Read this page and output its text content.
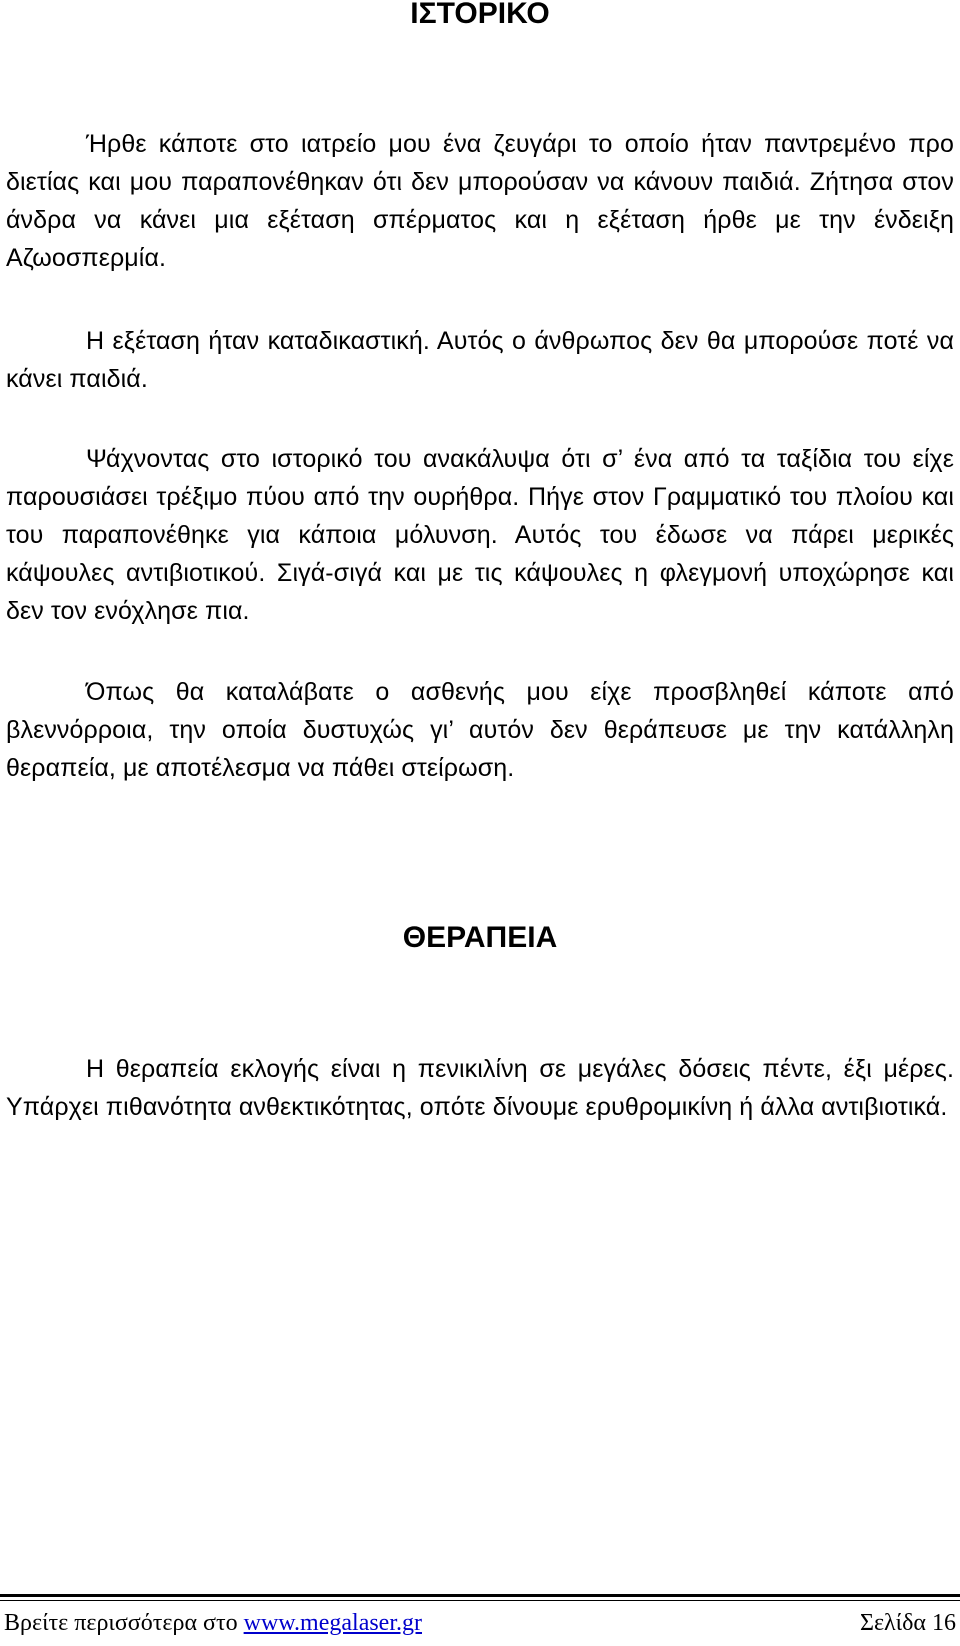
ΙΣΤΟΡΙΚΟ

Ήρθε κάποτε στο ιατρείο μου ένα ζευγάρι το οποίο ήταν παντρεμένο προ διετίας και μου παραπονέθηκαν ότι δεν μπορούσαν να κάνουν παιδιά. Ζήτησα στον άνδρα να κάνει μια εξέταση σπέρματος και η εξέταση ήρθε με την ένδειξη Αζωοσπερμία.

Η εξέταση ήταν καταδικαστική. Αυτός ο άνθρωπος δεν θα μπορούσε ποτέ να κάνει παιδιά.

Ψάχνοντας στο ιστορικό του ανακάλυψα ότι σ’ ένα από τα ταξίδια του είχε παρουσιάσει τρέξιμο πύου από την ουρήθρα. Πήγε στον Γραμματικό του πλοίου και του παραπονέθηκε για κάποια μόλυνση. Αυτός του έδωσε να πάρει μερικές κάψουλες αντιβιοτικού. Σιγά-σιγά και με τις κάψουλες η φλεγμονή υποχώρησε και δεν τον ενόχλησε πια.

Όπως θα καταλάβατε ο ασθενής μου είχε προσβληθεί κάποτε από βλεννόρροια, την οποία δυστυχώς γι’ αυτόν δεν θεράπευσε με την κατάλληλη θεραπεία, με αποτέλεσμα να πάθει στείρωση.

ΘΕΡΑΠΕΙΑ

Η θεραπεία εκλογής είναι η πενικιλίνη σε μεγάλες δόσεις πέντε, έξι μέρες. Υπάρχει πιθανότητα ανθεκτικότητας, οπότε δίνουμε ερυθρομικίνη ή άλλα αντιβιοτικά.

Βρείτε περισσότερα στο www.megalaser.gr	Σελίδα 16
